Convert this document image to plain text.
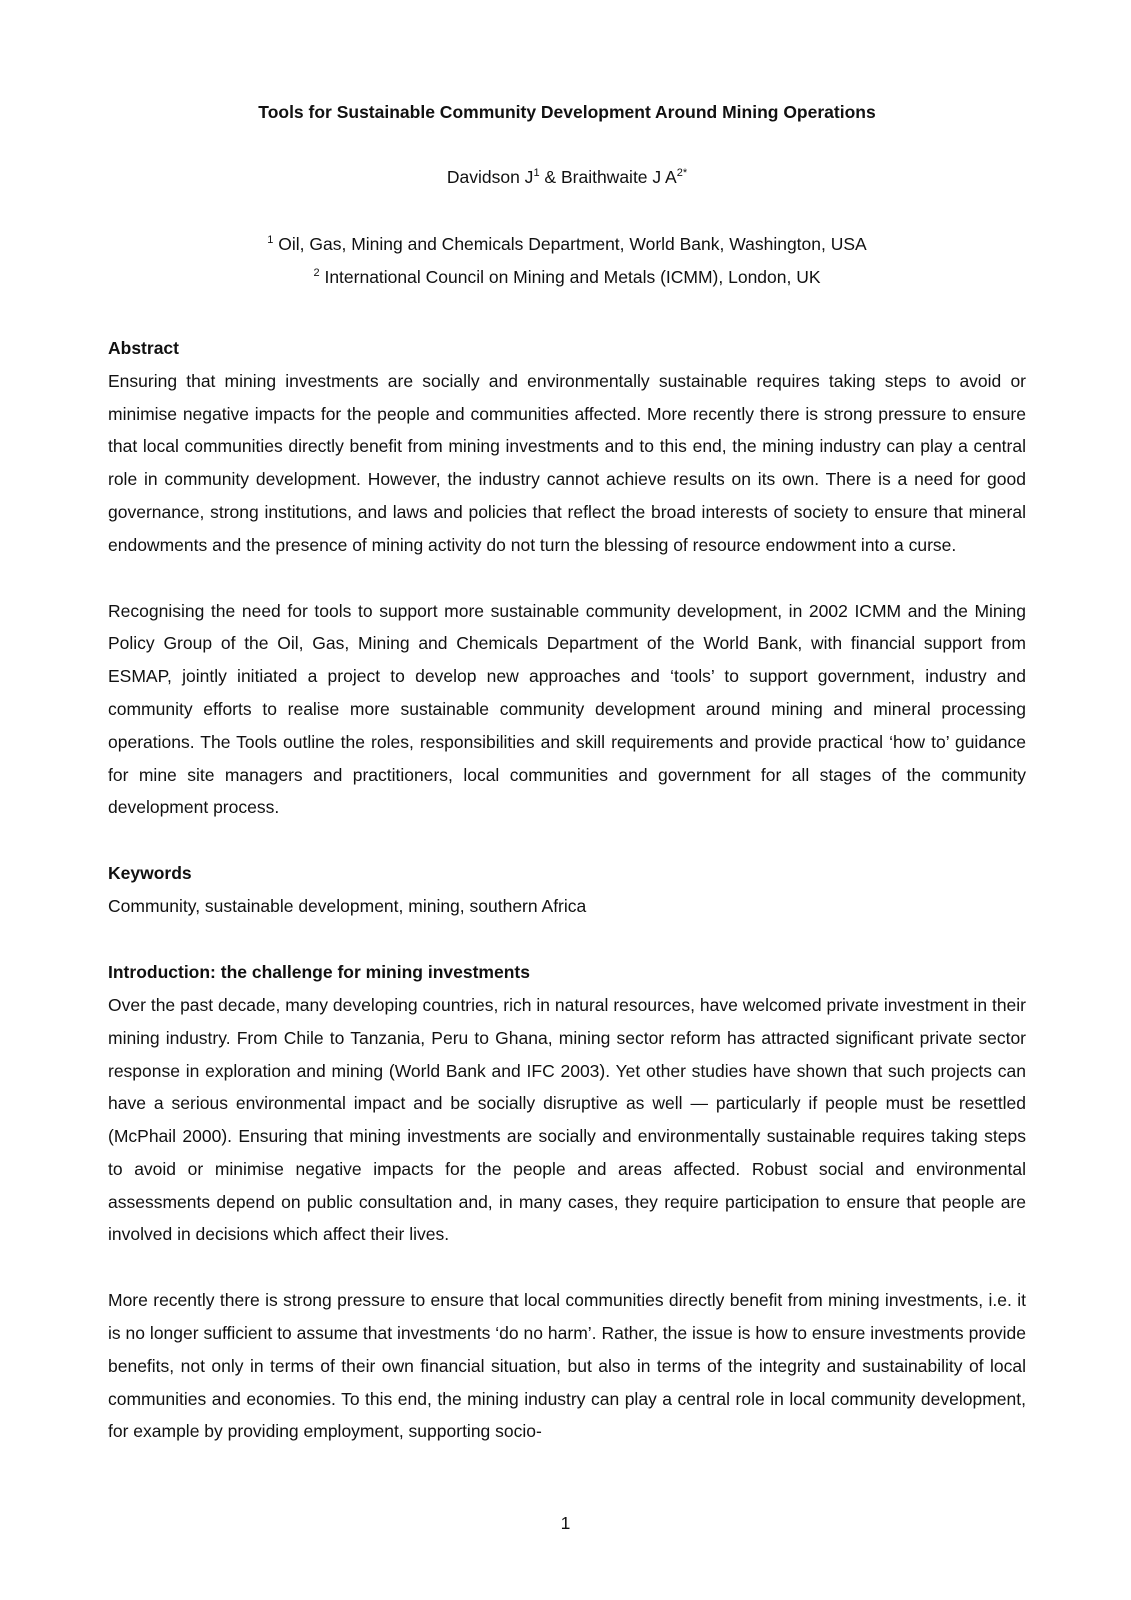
Tools for Sustainable Community Development Around Mining Operations
Davidson $J^1$ & Braithwaite J $A^{2*}$
$^1$ Oil, Gas, Mining and Chemicals Department, World Bank, Washington, USA
$^2$ International Council on Mining and Metals (ICMM), London, UK
Abstract

Ensuring that mining investments are socially and environmentally sustainable requires taking steps to avoid or minimise negative impacts for the people and communities affected. More recently there is strong pressure to ensure that local communities directly benefit from mining investments and to this end, the mining industry can play a central role in community development. However, the industry cannot achieve results on its own. There is a need for good governance, strong institutions, and laws and policies that reflect the broad interests of society to ensure that mineral endowments and the presence of mining activity do not turn the blessing of resource endowment into a curse.

Recognising the need for tools to support more sustainable community development, in 2002 ICMM and the Mining Policy Group of the Oil, Gas, Mining and Chemicals Department of the World Bank, with financial support from ESMAP, jointly initiated a project to develop new approaches and ‘tools’ to support government, industry and community efforts to realise more sustainable community development around mining and mineral processing operations. The Tools outline the roles, responsibilities and skill requirements and provide practical ‘how to’ guidance for mine site managers and practitioners, local communities and government for all stages of the community development process.

Keywords

Community, sustainable development, mining, southern Africa

Introduction: the challenge for mining investments

Over the past decade, many developing countries, rich in natural resources, have welcomed private investment in their mining industry. From Chile to Tanzania, Peru to Ghana, mining sector reform has attracted significant private sector response in exploration and mining (World Bank and IFC 2003). Yet other studies have shown that such projects can have a serious environmental impact and be socially disruptive as well — particularly if people must be resettled (McPhail 2000). Ensuring that mining investments are socially and environmentally sustainable requires taking steps to avoid or minimise negative impacts for the people and areas affected. Robust social and environmental assessments depend on public consultation and, in many cases, they require participation to ensure that people are involved in decisions which affect their lives.

More recently there is strong pressure to ensure that local communities directly benefit from mining investments, i.e. it is no longer sufficient to assume that investments ‘do no harm’. Rather, the issue is how to ensure investments provide benefits, not only in terms of their own financial situation, but also in terms of the integrity and sustainability of local communities and economies. To this end, the mining industry can play a central role in local community development, for example by providing employment, supporting socio-

1
